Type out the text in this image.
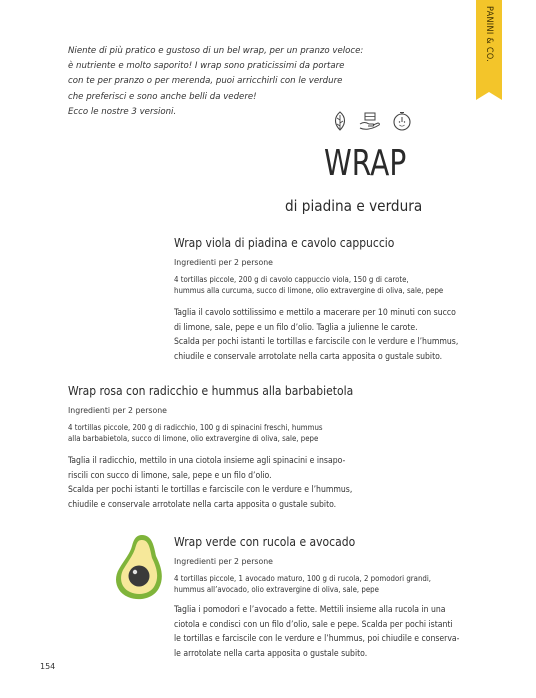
PANINI & CO.
Niente di più pratico e gustoso di un bel wrap, per un pranzo veloce:
è nutriente e molto saporito! I wrap sono praticissimi da portare
con te per pranzo o per merenda, puoi arricchirli con le verdure
che preferisci e sono anche belli da vedere!
Ecco le nostre 3 versioni.
WRAP
di piadina e verdura
Wrap viola di piadina e cavolo cappuccio
Ingredienti per 2 persone
4 tortillas piccole, 200 g di cavolo cappuccio viola, 150 g di carote,
hummus alla curcuma, succo di limone, olio extravergine di oliva, sale, pepe
Taglia il cavolo sottilissimo e mettilo a macerare per 10 minuti con succo
di limone, sale, pepe e un filo d’olio. Taglia a julienne le carote.
Scalda per pochi istanti le tortillas e farciscile con le verdure e l’hummus,
chiudile e conservale arrotolate nella carta apposita o gustale subito.
Wrap rosa con radicchio e hummus alla barbabietola
Ingredienti per 2 persone
4 tortillas piccole, 200 g di radicchio, 100 g di spinacini freschi, hummus
alla barbabietola, succo di limone, olio extravergine di oliva, sale, pepe
Taglia il radicchio, mettilo in una ciotola insieme agli spinacini e insapo-
riscili con succo di limone, sale, pepe e un filo d’olio.
Scalda per pochi istanti le tortillas e farciscile con le verdure e l’hummus,
chiudile e conservale arrotolate nella carta apposita o gustale subito.
Wrap verde con rucola e avocado
Ingredienti per 2 persone
4 tortillas piccole, 1 avocado maturo, 100 g di rucola, 2 pomodori grandi,
hummus all’avocado, olio extravergine di oliva, sale, pepe
Taglia i pomodori e l’avocado a fette. Mettili insieme alla rucola in una
ciotola e condisci con un filo d’olio, sale e pepe. Scalda per pochi istanti
le tortillas e farciscile con le verdure e l’hummus, poi chiudile e conserva-
le arrotolate nella carta apposita o gustale subito.
154
